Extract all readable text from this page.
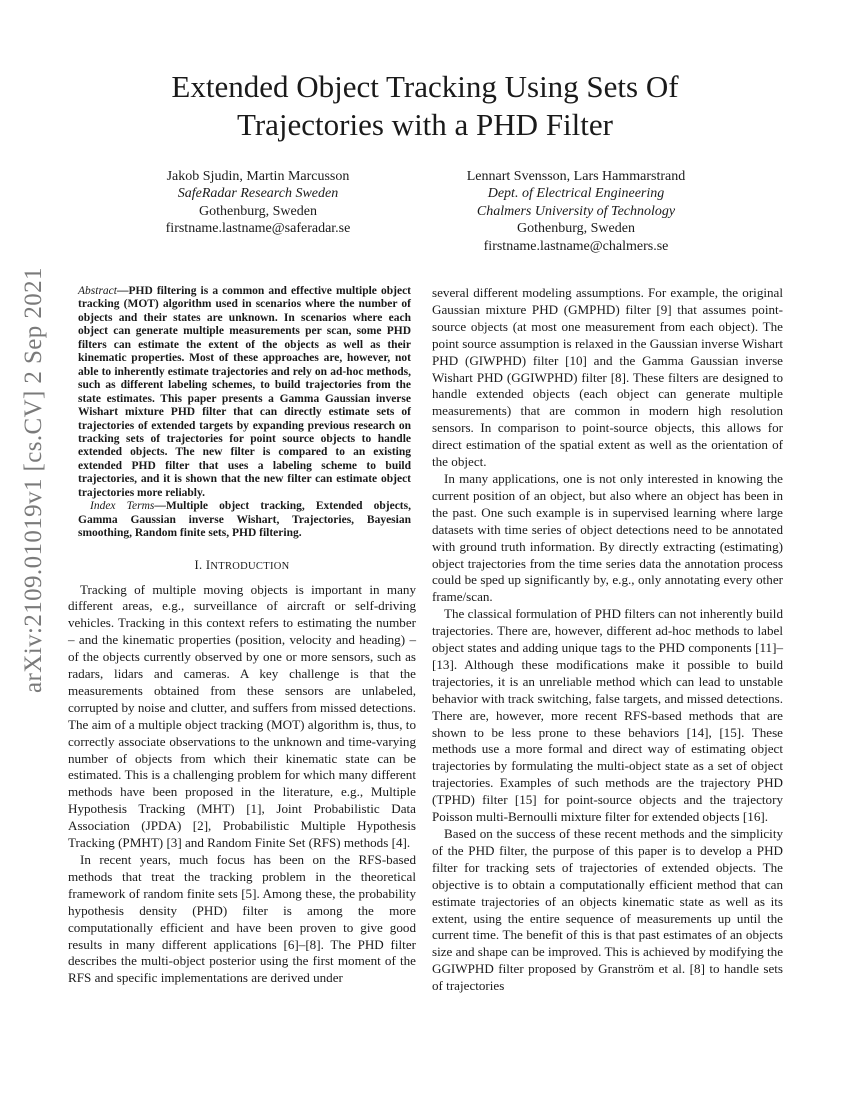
arXiv:2109.01019v1 [cs.CV] 2 Sep 2021
Extended Object Tracking Using Sets Of
Trajectories with a PHD Filter
Jakob Sjudin, Martin Marcusson
SafeRadar Research Sweden
Gothenburg, Sweden
firstname.lastname@saferadar.se
Lennart Svensson, Lars Hammarstrand
Dept. of Electrical Engineering
Chalmers University of Technology
Gothenburg, Sweden
firstname.lastname@chalmers.se

Abstract—PHD filtering is a common and effective multiple object tracking (MOT) algorithm used in scenarios where the number of objects and their states are unknown. In scenarios where each object can generate multiple measurements per scan, some PHD filters can estimate the extent of the objects as well as their kinematic properties. Most of these approaches are, however, not able to inherently estimate trajectories and rely on ad-hoc methods, such as different labeling schemes, to build trajectories from the state estimates. This paper presents a Gamma Gaussian inverse Wishart mixture PHD filter that can directly estimate sets of trajectories of extended targets by expanding previous research on tracking sets of trajectories for point source objects to handle extended objects. The new filter is compared to an existing extended PHD filter that uses a labeling scheme to build trajectories, and it is shown that the new filter can estimate object trajectories more reliably.

Index Terms—Multiple object tracking, Extended objects, Gamma Gaussian inverse Wishart, Trajectories, Bayesian smoothing, Random finite sets, PHD filtering.

I. INTRODUCTION

Tracking of multiple moving objects is important in many different areas, e.g., surveillance of aircraft or self-driving vehicles. Tracking in this context refers to estimating the number – and the kinematic properties (position, velocity and heading) – of the objects currently observed by one or more sensors, such as radars, lidars and cameras. A key challenge is that the measurements obtained from these sensors are unlabeled, corrupted by noise and clutter, and suffers from missed detections. The aim of a multiple object tracking (MOT) algorithm is, thus, to correctly associate observations to the unknown and time-varying number of objects from which their kinematic state can be estimated. This is a challenging problem for which many different methods have been proposed in the literature, e.g., Multiple Hypothesis Tracking (MHT) [1], Joint Probabilistic Data Association (JPDA) [2], Probabilistic Multiple Hypothesis Tracking (PMHT) [3] and Random Finite Set (RFS) methods [4].

In recent years, much focus has been on the RFS-based methods that treat the tracking problem in the theoretical framework of random finite sets [5]. Among these, the probability hypothesis density (PHD) filter is among the more computationally efficient and have been proven to give good results in many different applications [6]–[8]. The PHD filter describes the multi-object posterior using the first moment of the RFS and specific implementations are derived under

several different modeling assumptions. For example, the original Gaussian mixture PHD (GMPHD) filter [9] that assumes point-source objects (at most one measurement from each object). The point source assumption is relaxed in the Gaussian inverse Wishart PHD (GIWPHD) filter [10] and the Gamma Gaussian inverse Wishart PHD (GGIWPHD) filter [8]. These filters are designed to handle extended objects (each object can generate multiple measurements) that are common in modern high resolution sensors. In comparison to point-source objects, this allows for direct estimation of the spatial extent as well as the orientation of the object.

In many applications, one is not only interested in knowing the current position of an object, but also where an object has been in the past. One such example is in supervised learning where large datasets with time series of object detections need to be annotated with ground truth information. By directly extracting (estimating) object trajectories from the time series data the annotation process could be sped up significantly by, e.g., only annotating every other frame/scan.

The classical formulation of PHD filters can not inherently build trajectories. There are, however, different ad-hoc methods to label object states and adding unique tags to the PHD components [11]–[13]. Although these modifications make it possible to build trajectories, it is an unreliable method which can lead to unstable behavior with track switching, false targets, and missed detections. There are, however, more recent RFS-based methods that are shown to be less prone to these behaviors [14], [15]. These methods use a more formal and direct way of estimating object trajectories by formulating the multi-object state as a set of object trajectories. Examples of such methods are the trajectory PHD (TPHD) filter [15] for point-source objects and the trajectory Poisson multi-Bernoulli mixture filter for extended objects [16].

Based on the success of these recent methods and the simplicity of the PHD filter, the purpose of this paper is to develop a PHD filter for tracking sets of trajectories of extended objects. The objective is to obtain a computationally efficient method that can estimate trajectories of an objects kinematic state as well as its extent, using the entire sequence of measurements up until the current time. The benefit of this is that past estimates of an objects size and shape can be improved. This is achieved by modifying the GGIWPHD filter proposed by Granström et al. [8] to handle sets of trajectories
